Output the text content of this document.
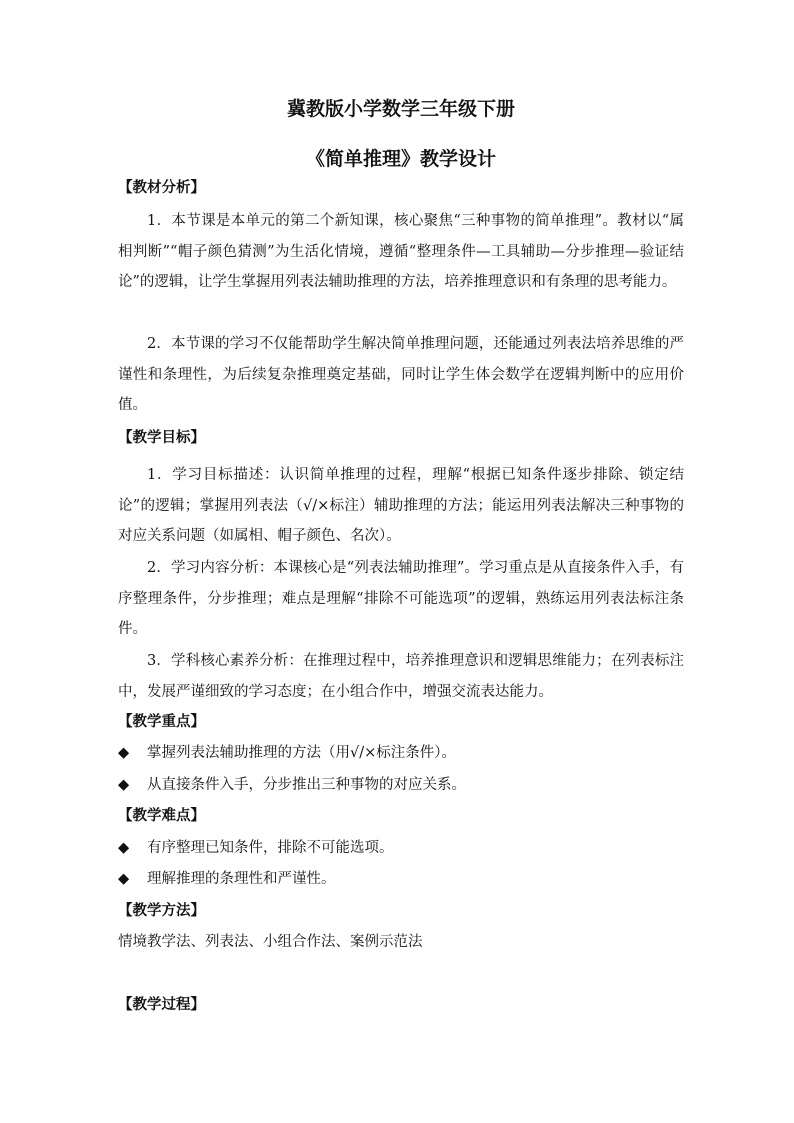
冀教版小学数学三年级下册
《简单推理》教学设计
【教材分析】

1．本节课是本单元的第二个新知课，核心聚焦“三种事物的简单推理”。教材以“属相判断”“帽子颜色猜测”为生活化情境，遵循“整理条件—工具辅助—分步推理—验证结论”的逻辑，让学生掌握用列表法辅助推理的方法，培养推理意识和有条理的思考能力。

2．本节课的学习不仅能帮助学生解决简单推理问题，还能通过列表法培养思维的严谨性和条理性，为后续复杂推理奠定基础，同时让学生体会数学在逻辑判断中的应用价值。

【教学目标】

1．学习目标描述：认识简单推理的过程，理解“根据已知条件逐步排除、锁定结论”的逻辑；掌握用列表法（√/×标注）辅助推理的方法；能运用列表法解决三种事物的对应关系问题（如属相、帽子颜色、名次）。

2．学习内容分析：本课核心是“列表法辅助推理”。学习重点是从直接条件入手，有序整理条件，分步推理；难点是理解“排除不可能选项”的逻辑，熟练运用列表法标注条件。

3．学科核心素养分析：在推理过程中，培养推理意识和逻辑思维能力；在列表标注中，发展严谨细致的学习态度；在小组合作中，增强交流表达能力。

【教学重点】
◆ 掌握列表法辅助推理的方法（用√/×标注条件）。
◆ 从直接条件入手，分步推出三种事物的对应关系。
【教学难点】
◆ 有序整理已知条件，排除不可能选项。
◆ 理解推理的条理性和严谨性。
【教学方法】
情境教学法、列表法、小组合作法、案例示范法
【教学过程】
